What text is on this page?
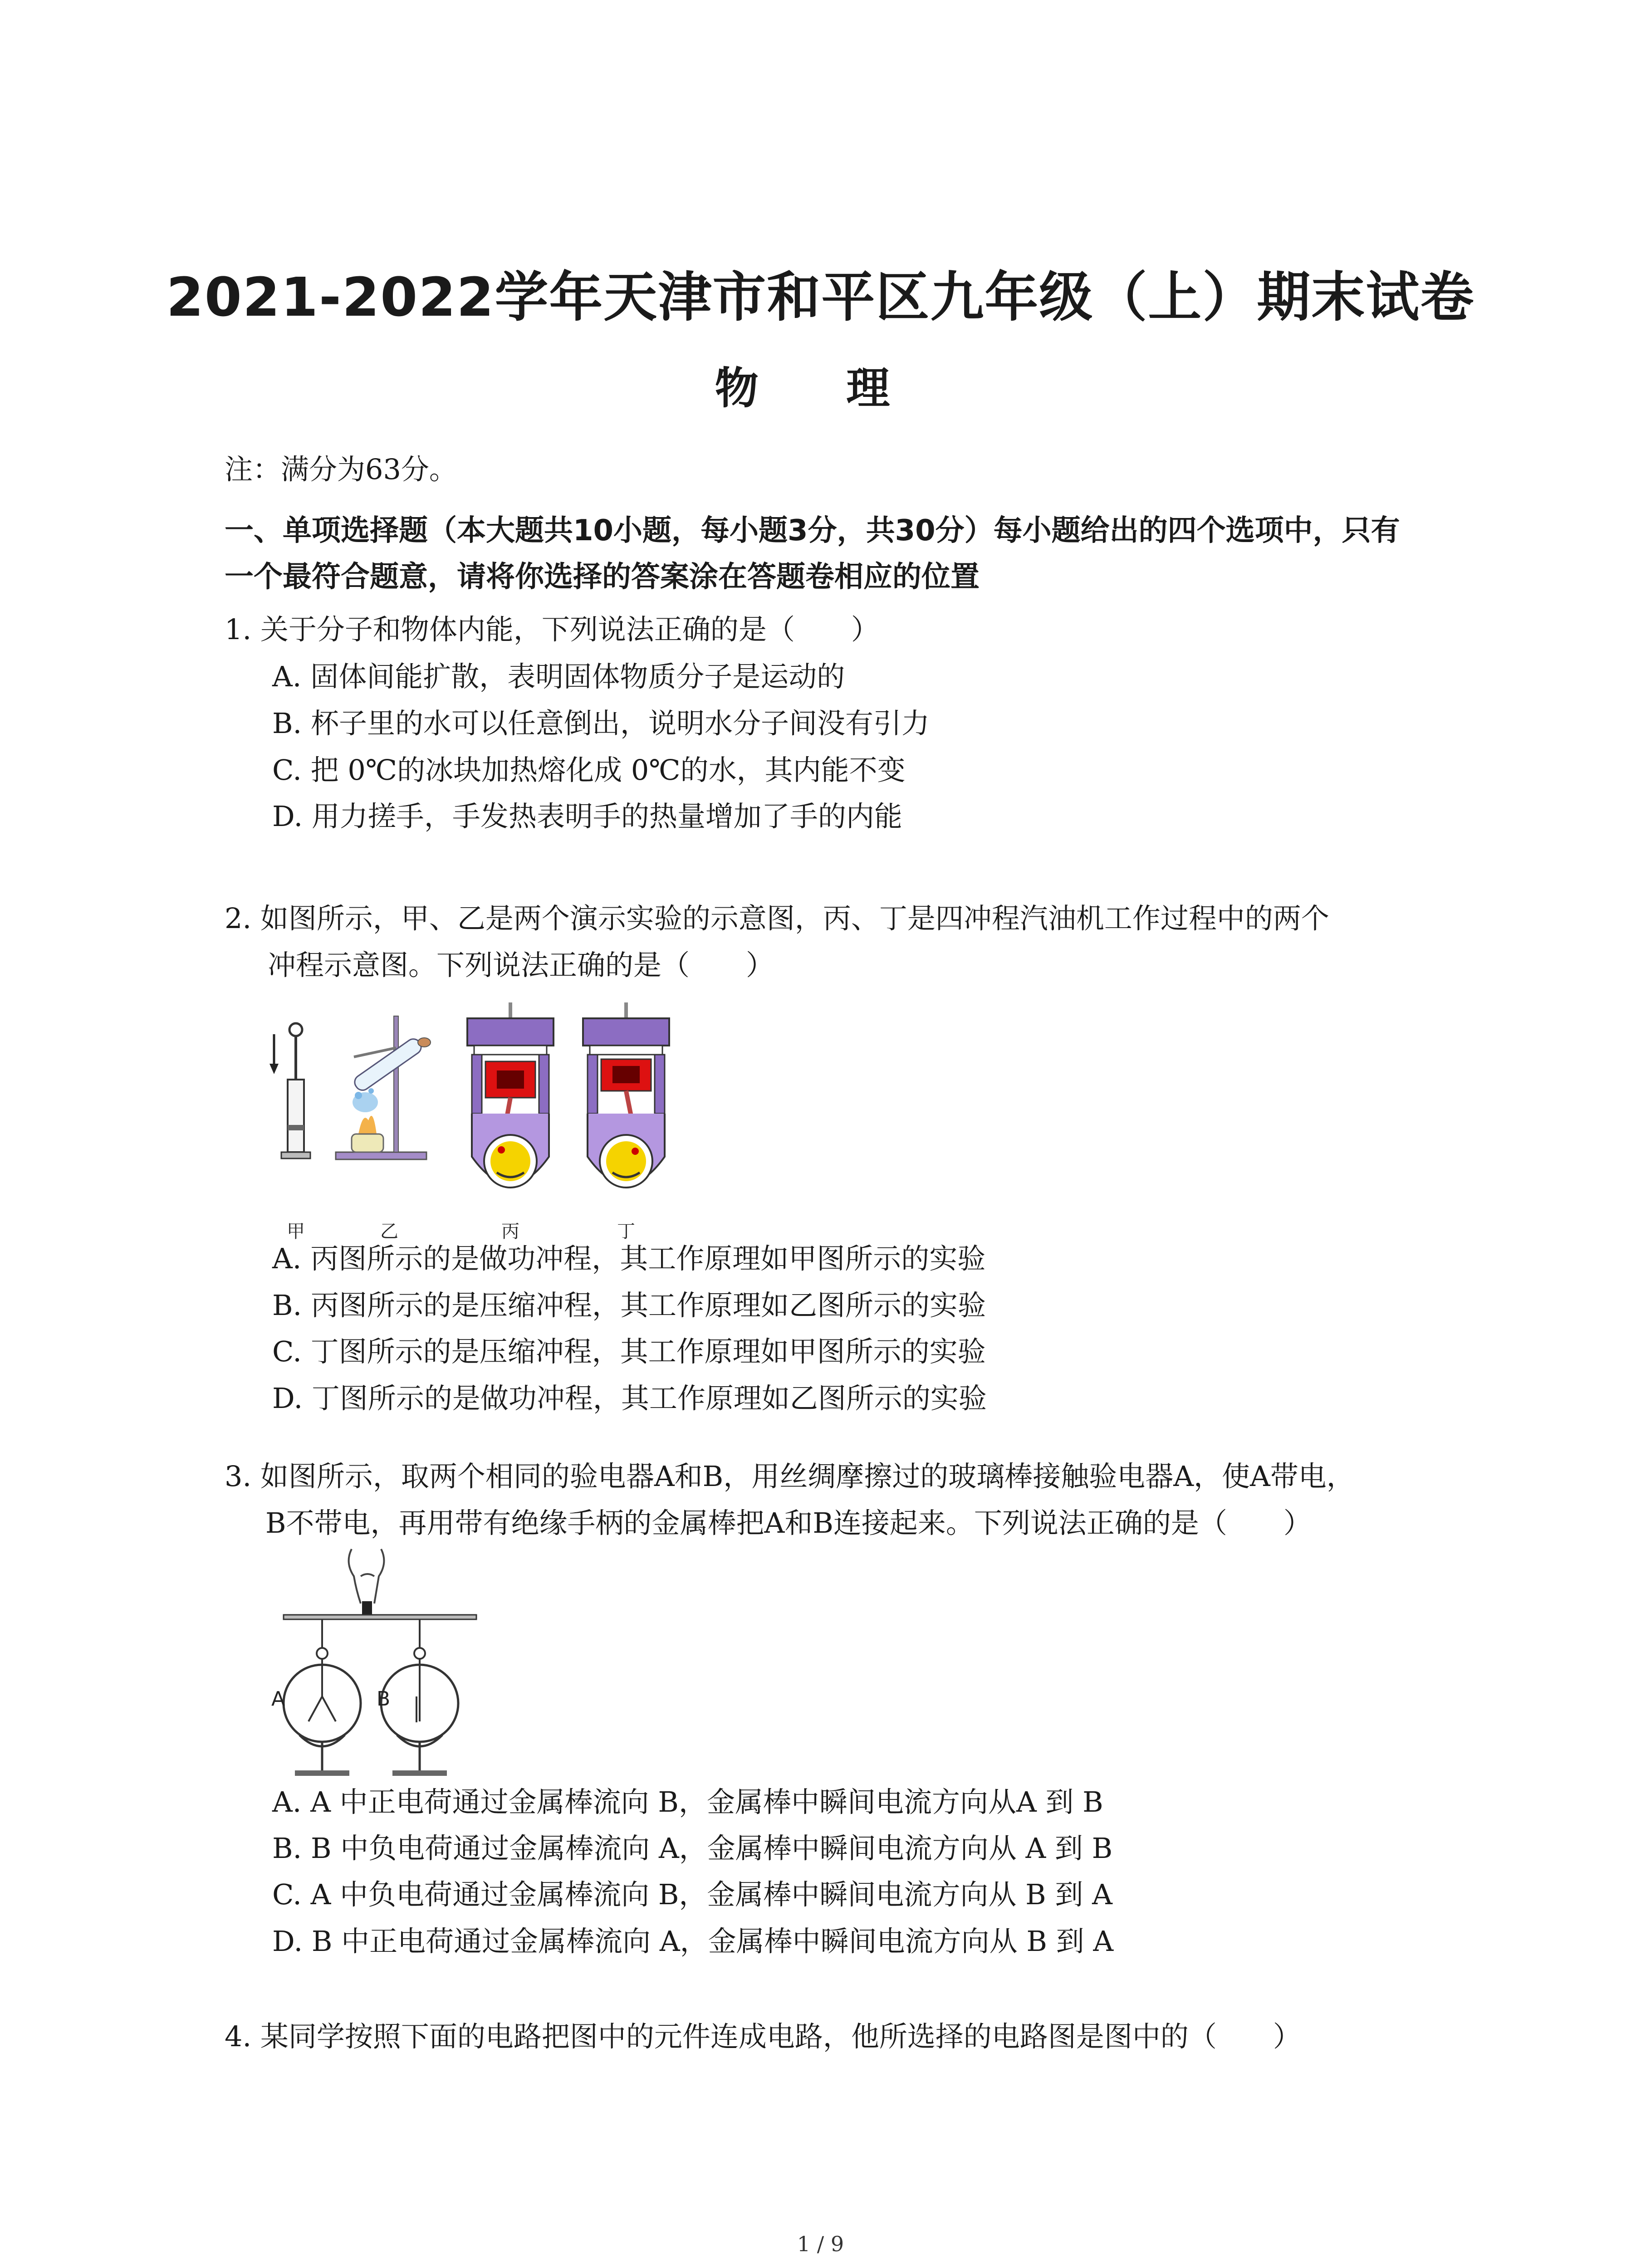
2021-2022学年天津市和平区九年级（上）期末试卷
物 理
注：满分为63分。
一、单项选择题（本大题共10小题，每小题3分，共30分）每小题给出的四个选项中，只有
一个最符合题意，请将你选择的答案涂在答题卷相应的位置
1. 关于分子和物体内能，下列说法正确的是（　　）
A. 固体间能扩散，表明固体物质分子是运动的
B. 杯子里的水可以任意倒出，说明水分子间没有引力
C. 把 0℃的冰块加热熔化成 0℃的水，其内能不变
D. 用力搓手，手发热表明手的热量增加了手的内能
2. 如图所示，甲、乙是两个演示实验的示意图，丙、丁是四冲程汽油机工作过程中的两个
冲程示意图。下列说法正确的是（　　）
甲	乙	丙	丁
A. 丙图所示的是做功冲程，其工作原理如甲图所示的实验
B. 丙图所示的是压缩冲程，其工作原理如乙图所示的实验
C. 丁图所示的是压缩冲程，其工作原理如甲图所示的实验
D. 丁图所示的是做功冲程，其工作原理如乙图所示的实验
3. 如图所示，取两个相同的验电器A和B，用丝绸摩擦过的玻璃棒接触验电器A，使A带电，
B不带电，再用带有绝缘手柄的金属棒把A和B连接起来。下列说法正确的是（　　）
A	B
A. A 中正电荷通过金属棒流向 B，金属棒中瞬间电流方向从A 到 B
B. B 中负电荷通过金属棒流向 A，金属棒中瞬间电流方向从 A 到 B
C. A 中负电荷通过金属棒流向 B，金属棒中瞬间电流方向从 B 到 A
D. B 中正电荷通过金属棒流向 A，金属棒中瞬间电流方向从 B 到 A
4. 某同学按照下面的电路把图中的元件连成电路，他所选择的电路图是图中的（　　）
1 / 9
